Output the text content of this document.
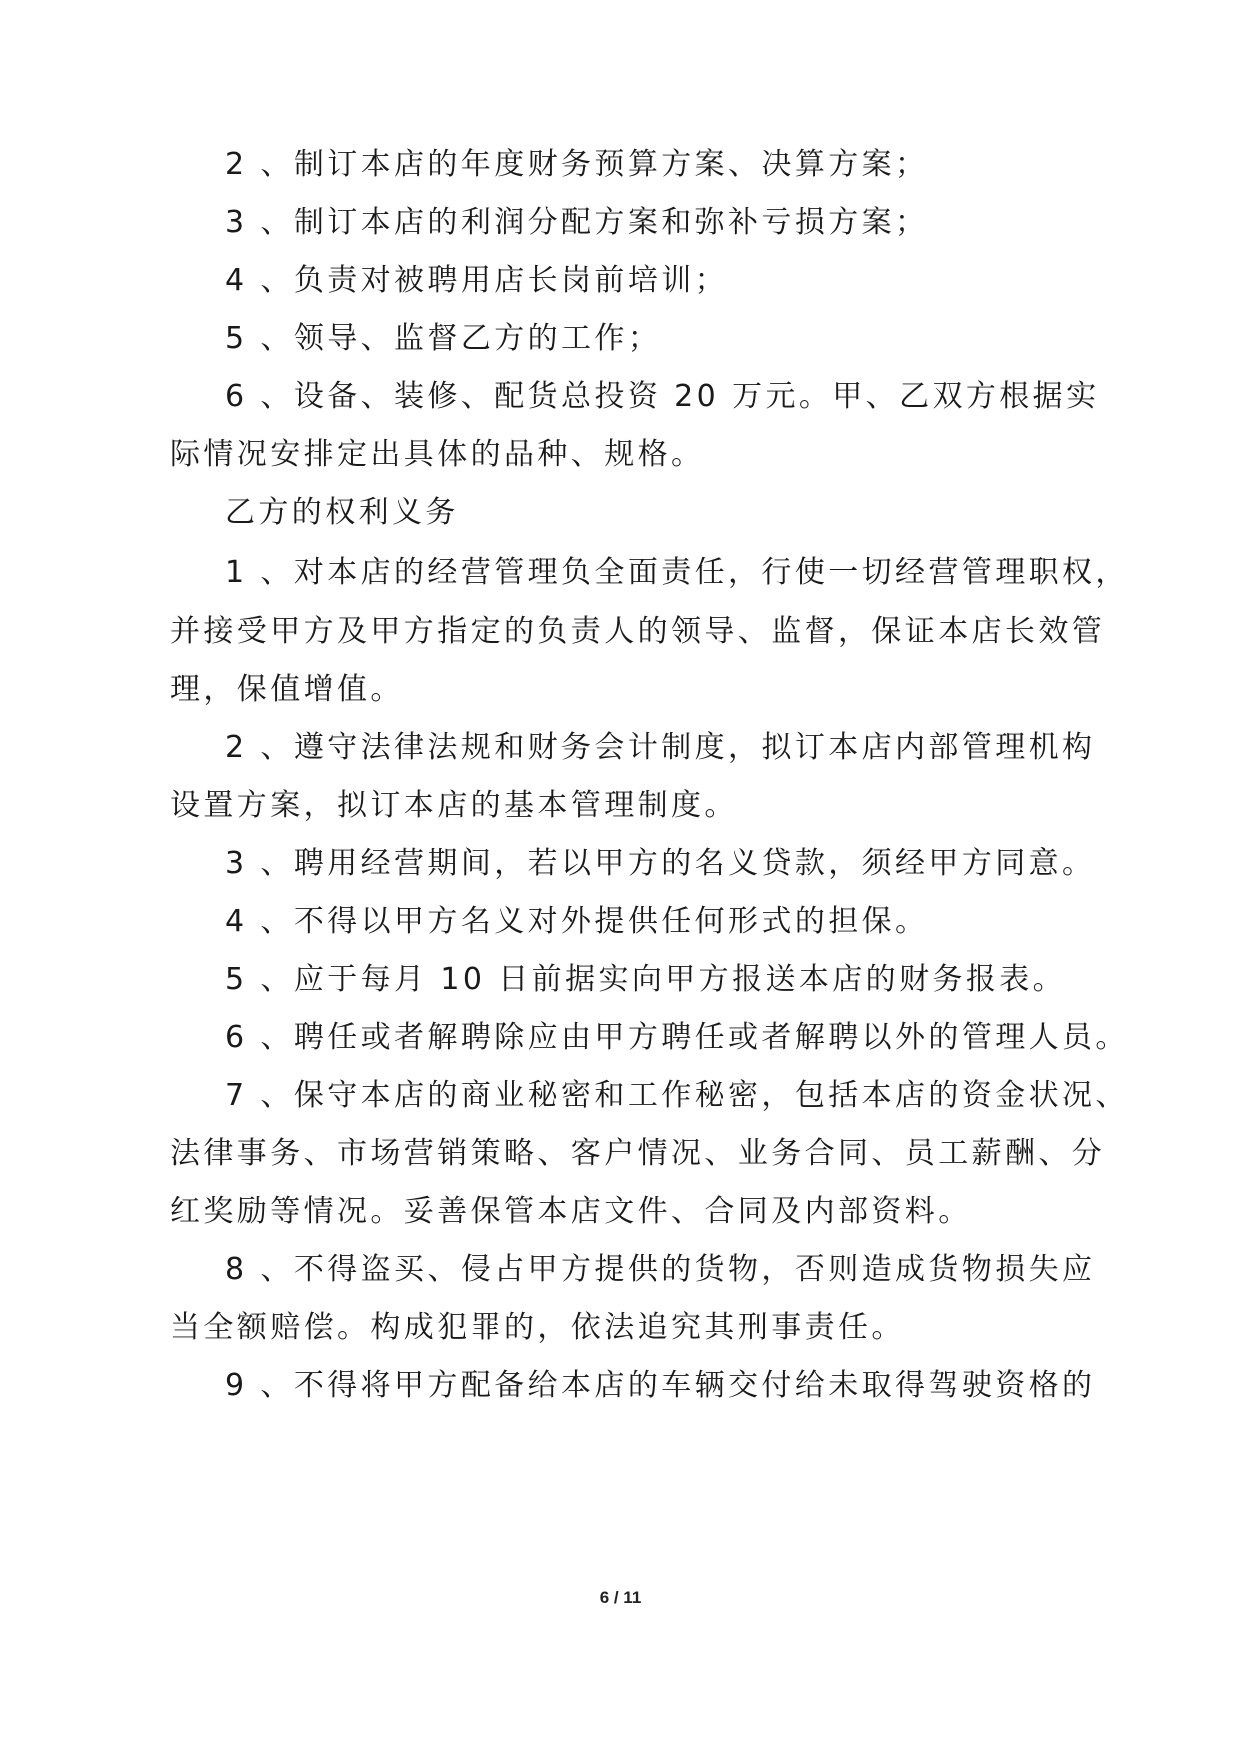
2 、制订本店的年度财务预算方案、决算方案；
3 、制订本店的利润分配方案和弥补亏损方案；
4 、负责对被聘用店长岗前培训；
5 、领导、监督乙方的工作；
6 、设备、装修、配货总投资 20 万元。甲、乙双方根据实
际情况安排定出具体的品种、规格。
乙方的权利义务
1 、对本店的经营管理负全面责任，行使一切经营管理职权，
并接受甲方及甲方指定的负责人的领导、监督，保证本店长效管
理，保值增值。
2 、遵守法律法规和财务会计制度，拟订本店内部管理机构
设置方案，拟订本店的基本管理制度。
3 、聘用经营期间，若以甲方的名义贷款，须经甲方同意。
4 、不得以甲方名义对外提供任何形式的担保。
5 、应于每月 10 日前据实向甲方报送本店的财务报表。
6 、聘任或者解聘除应由甲方聘任或者解聘以外的管理人员。
7 、保守本店的商业秘密和工作秘密，包括本店的资金状况、
法律事务、市场营销策略、客户情况、业务合同、员工薪酬、分
红奖励等情况。妥善保管本店文件、合同及内部资料。
8 、不得盗买、侵占甲方提供的货物，否则造成货物损失应
当全额赔偿。构成犯罪的，依法追究其刑事责任。
9 、不得将甲方配备给本店的车辆交付给未取得驾驶资格的
6 / 11
